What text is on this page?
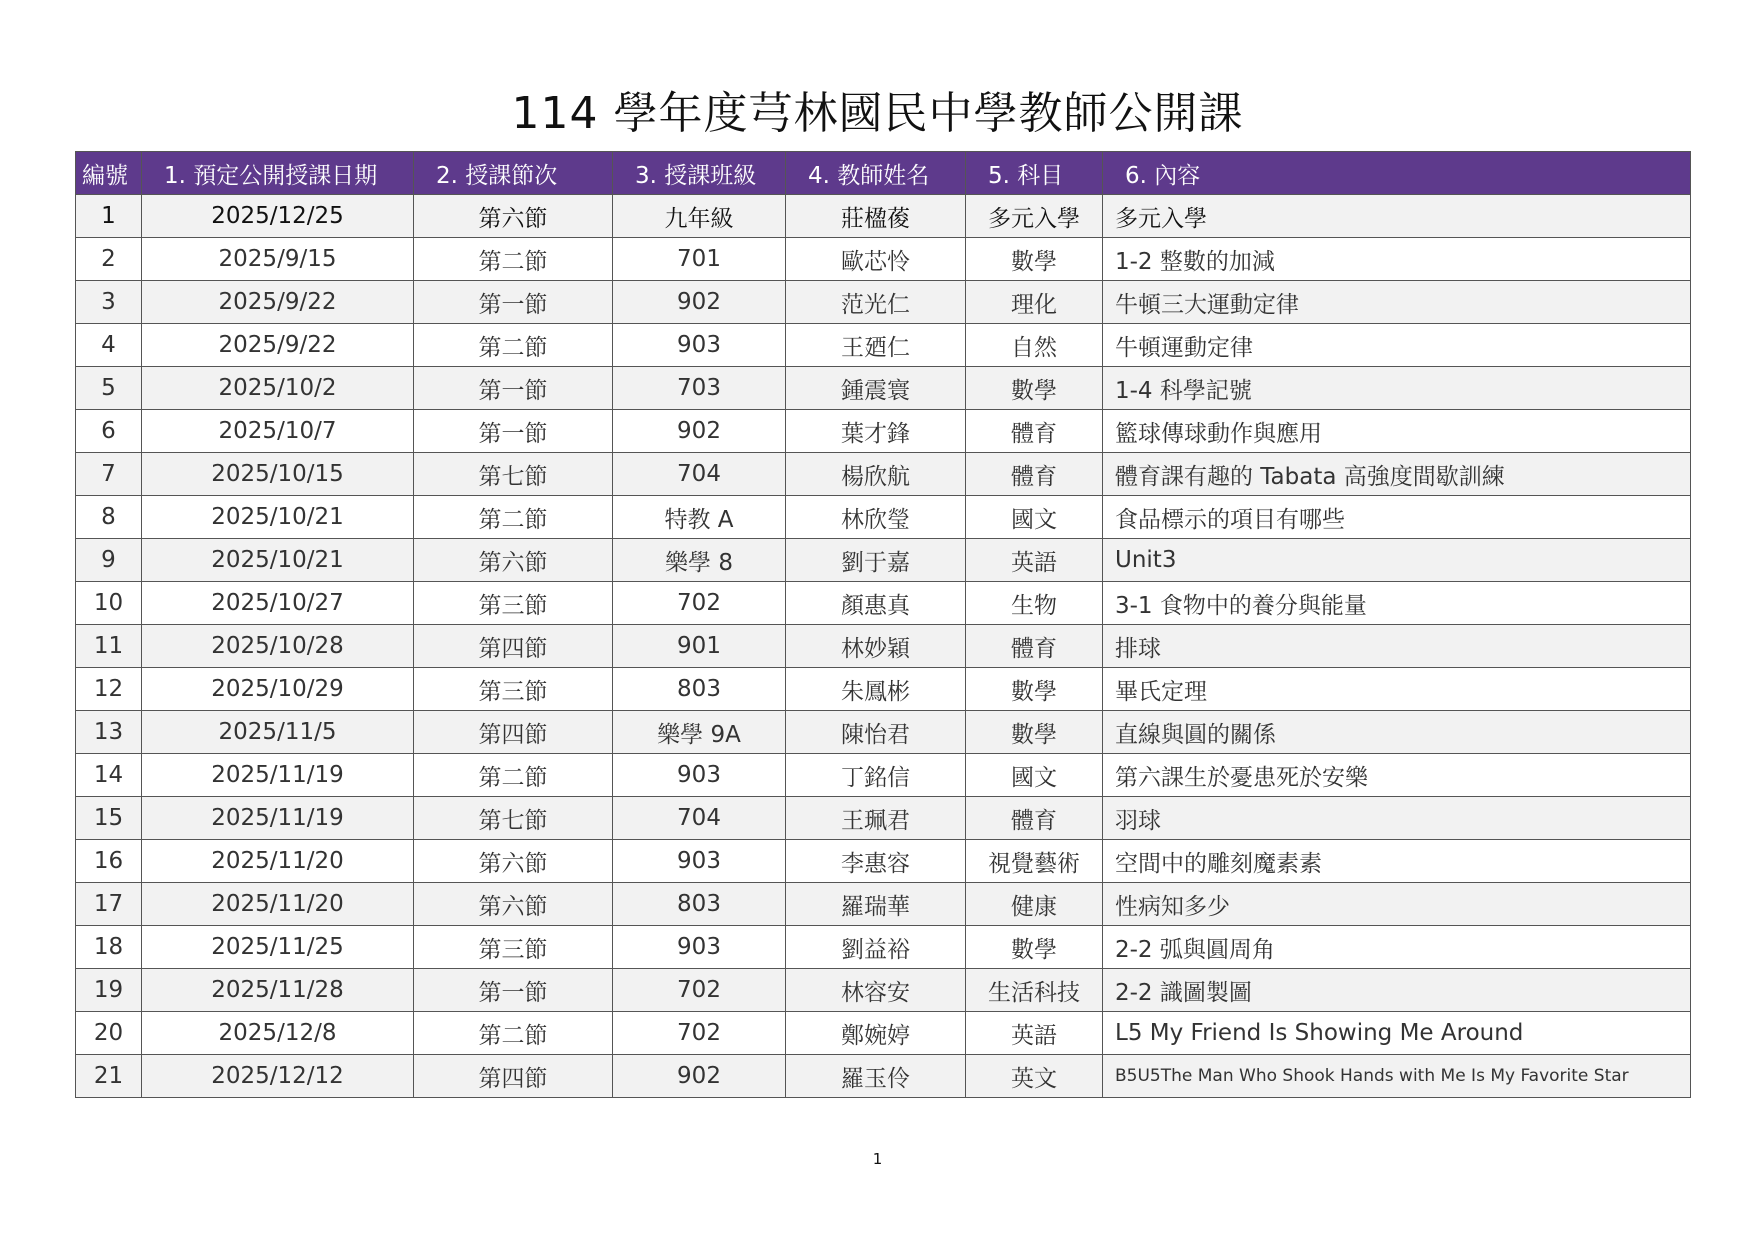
114 學年度芎林國民中學教師公開課
編號	1. 預定公開授課日期	2. 授課節次	3. 授課班級	4. 教師姓名	5. 科目	6. 內容
1	2025/12/25	第六節	九年級	莊楹葰	多元入學	多元入學
2	2025/9/15	第二節	701	歐芯怜	數學	1-2 整數的加減
3	2025/9/22	第一節	902	范光仁	理化	牛頓三大運動定律
4	2025/9/22	第二節	903	王廼仁	自然	牛頓運動定律
5	2025/10/2	第一節	703	鍾震寰	數學	1-4 科學記號
6	2025/10/7	第一節	902	葉才鋒	體育	籃球傳球動作與應用
7	2025/10/15	第七節	704	楊欣航	體育	體育課有趣的 Tabata 高強度間歇訓練
8	2025/10/21	第二節	特教 A	林欣瑩	國文	食品標示的項目有哪些
9	2025/10/21	第六節	樂學 8	劉于嘉	英語	Unit3
10	2025/10/27	第三節	702	顏惠真	生物	3-1 食物中的養分與能量
11	2025/10/28	第四節	901	林妙穎	體育	排球
12	2025/10/29	第三節	803	朱鳳彬	數學	畢氏定理
13	2025/11/5	第四節	樂學 9A	陳怡君	數學	直線與圓的關係
14	2025/11/19	第二節	903	丁銘信	國文	第六課生於憂患死於安樂
15	2025/11/19	第七節	704	王珮君	體育	羽球
16	2025/11/20	第六節	903	李惠容	視覺藝術	空間中的雕刻魔素素
17	2025/11/20	第六節	803	羅瑞華	健康	性病知多少
18	2025/11/25	第三節	903	劉益裕	數學	2-2 弧與圓周角
19	2025/11/28	第一節	702	林容安	生活科技	2-2 識圖製圖
20	2025/12/8	第二節	702	鄭婉婷	英語	L5 My Friend Is Showing Me Around
21	2025/12/12	第四節	902	羅玉伶	英文	B5U5The Man Who Shook Hands with Me Is My Favorite Star
1
